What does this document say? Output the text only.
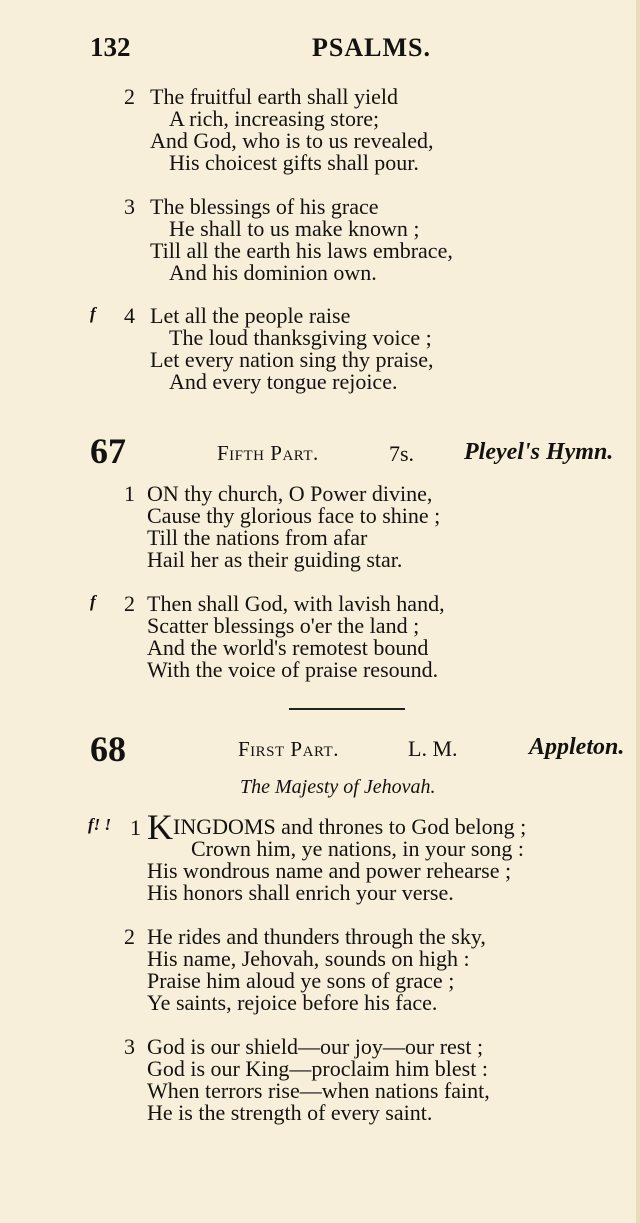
132	PSALMS.
2 The fruitful earth shall yield
A rich, increasing store;
And God, who is to us revealed,
His choicest gifts shall pour.
3 The blessings of his grace
He shall to us make known ;
Till all the earth his laws embrace,
And his dominion own.
f 4 Let all the people raise
The loud thanksgiving voice ;
Let every nation sing thy praise,
And every tongue rejoice.
67	Fifth Part.	7s. Pleyel's Hymn.
1 ON thy church, O Power divine,
Cause thy glorious face to shine ;
Till the nations from afar
Hail her as their guiding star.
f 2 Then shall God, with lavish hand,
Scatter blessings o'er the land ;
And the world's remotest bound
With the voice of praise resound.
68	First Part.	L. M.	Appleton.
The Majesty of Jehovah.
f! ! 1 KINGDOMS and thrones to God belong ;
Crown him, ye nations, in your song :
His wondrous name and power rehearse ;
His honors shall enrich your verse.
2 He rides and thunders through the sky,
His name, Jehovah, sounds on high :
Praise him aloud ye sons of grace ;
Ye saints, rejoice before his face.
3 God is our shield—our joy—our rest ;
God is our King—proclaim him blest :
When terrors rise—when nations faint,
He is the strength of every saint.
